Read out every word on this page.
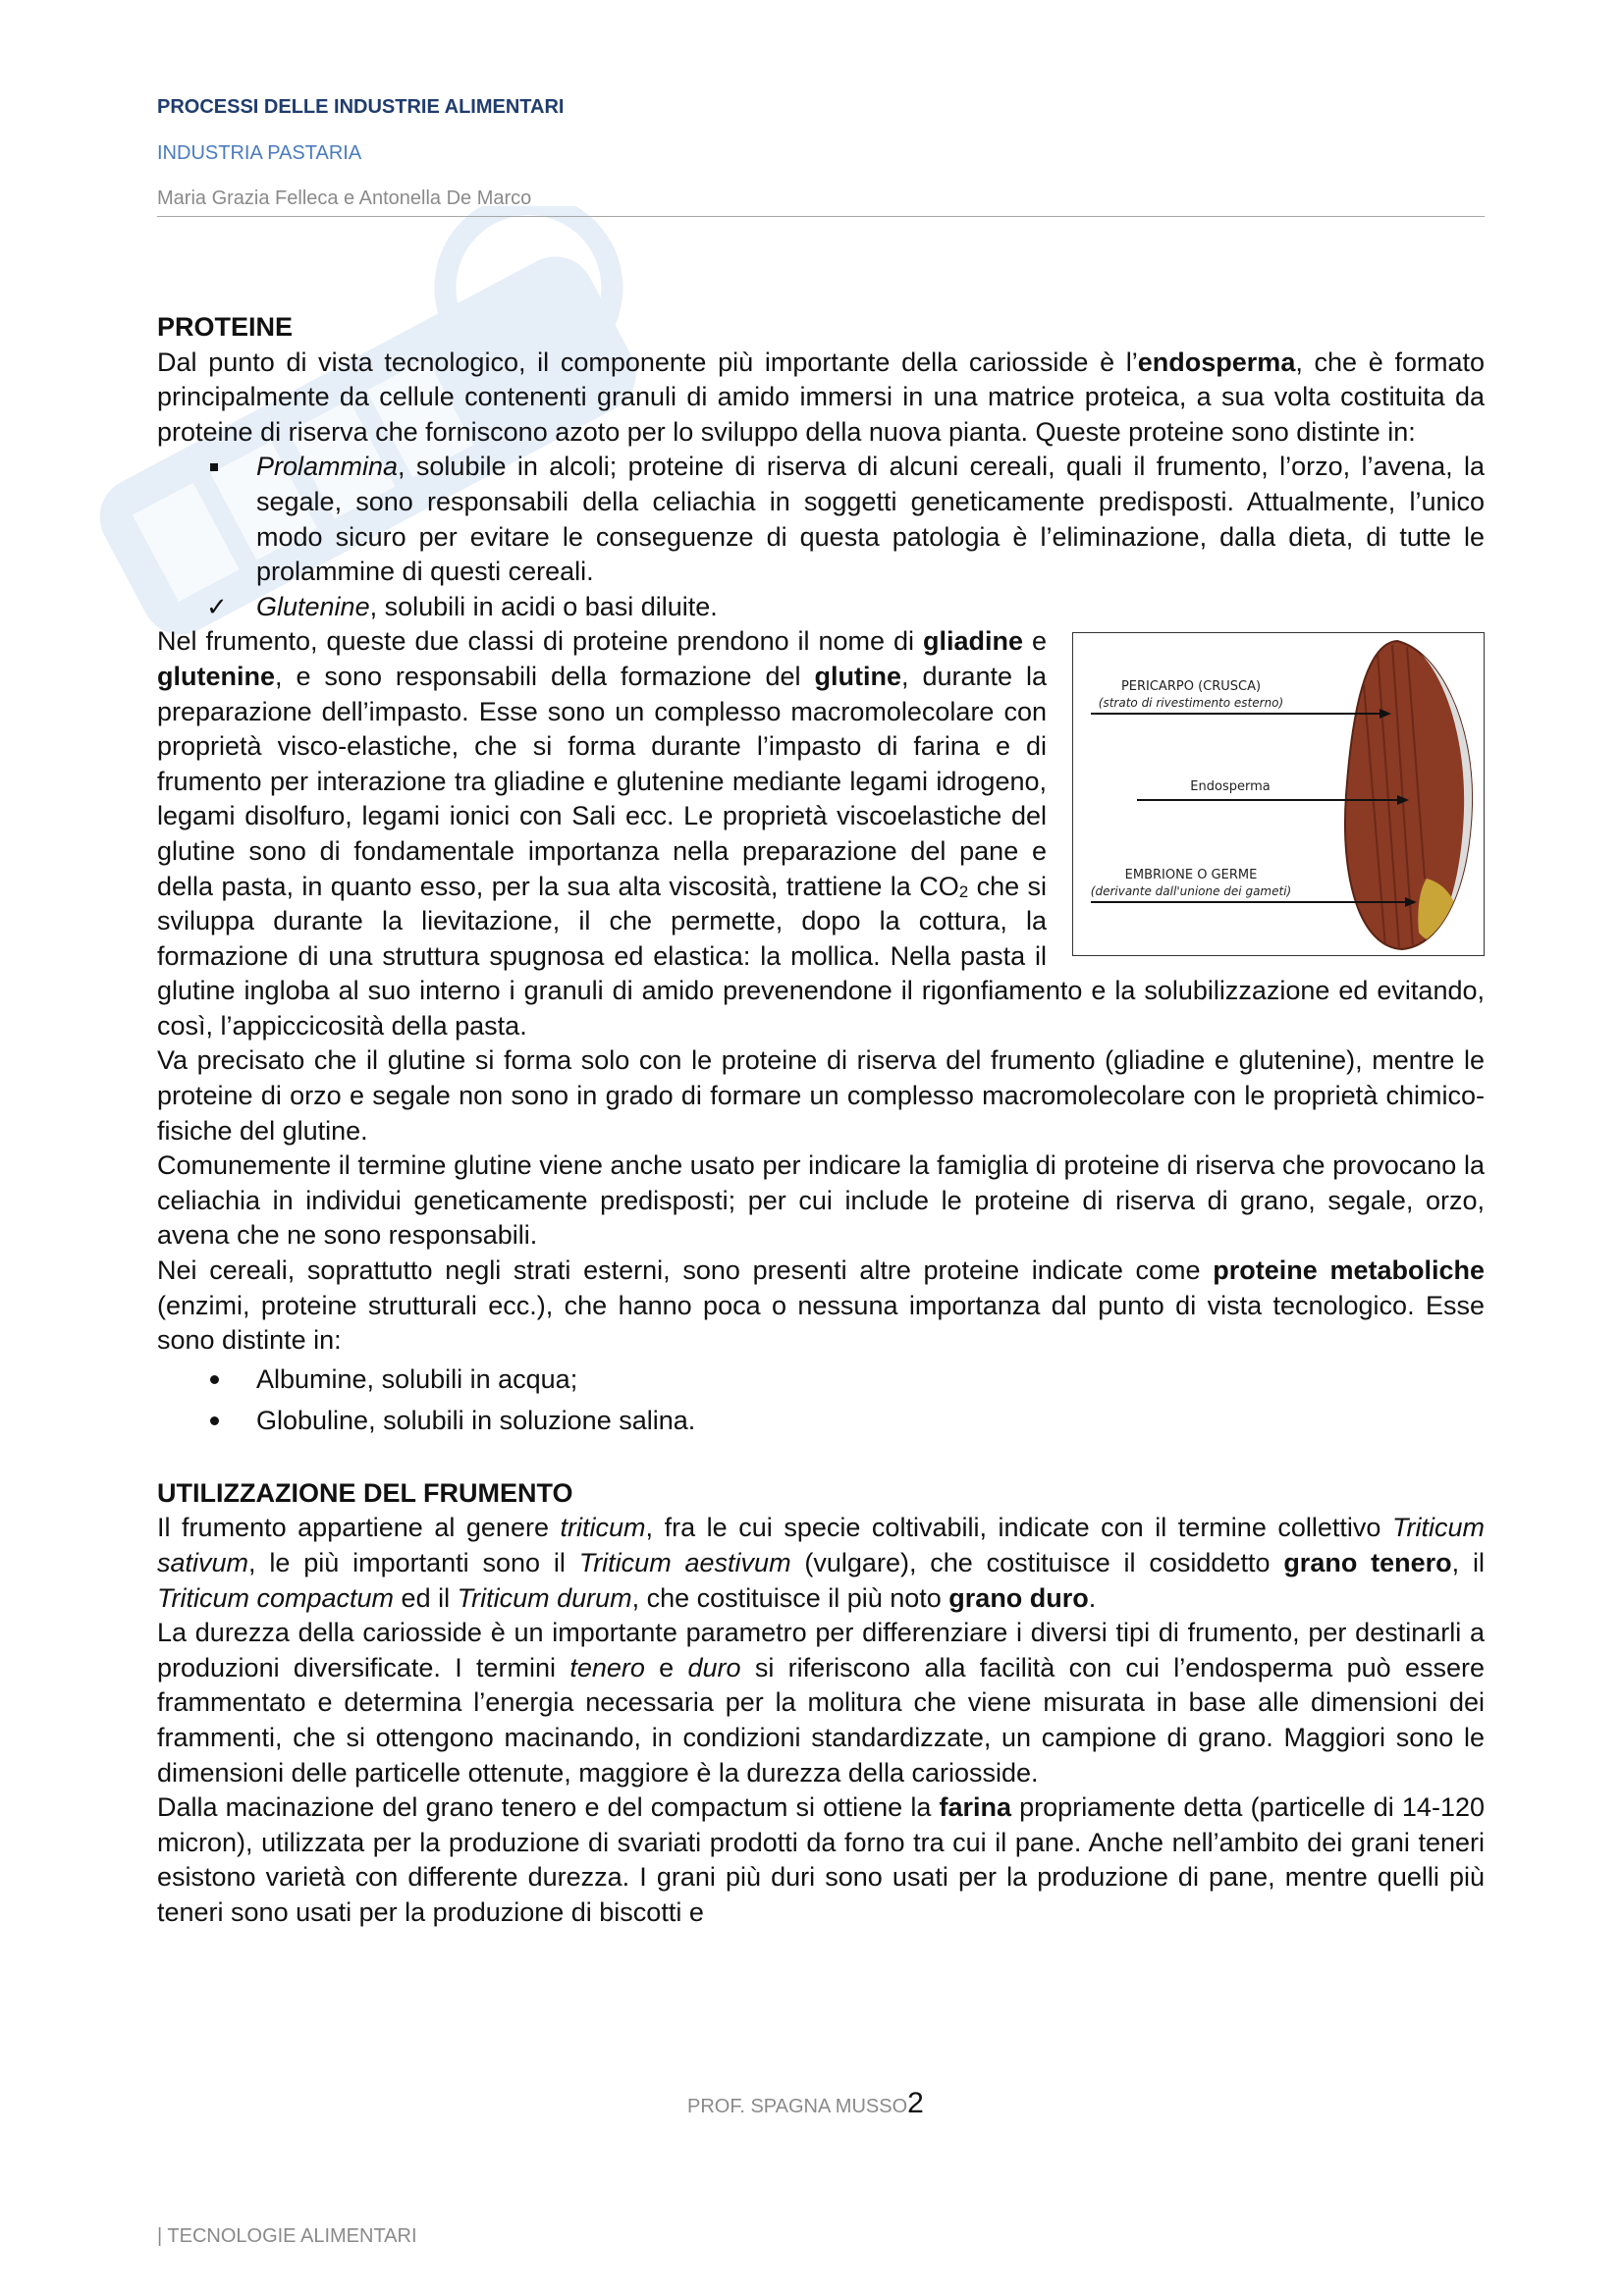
PROCESSI DELLE INDUSTRIE ALIMENTARI
INDUSTRIA PASTARIA
Maria Grazia Felleca e Antonella De Marco
PROTEINE

Dal punto di vista tecnologico, il componente più importante della cariosside è l’endosperma, che è formato principalmente da cellule contenenti granuli di amido immersi in una matrice proteica, a sua volta costituita da proteine di riserva che forniscono azoto per lo sviluppo della nuova pianta. Queste proteine sono distinte in:

Prolammina, solubile in alcoli; proteine di riserva di alcuni cereali, quali il frumento, l’orzo, l’avena, la segale, sono responsabili della celiachia in soggetti geneticamente predisposti. Attualmente, l’unico modo sicuro per evitare le conseguenze di questa patologia è l’eliminazione, dalla dieta, di tutte le prolammine di questi cereali.
✓ Glutenine, solubili in acidi o basi diluite.

PERICARPO (CRUSCA)
(strato di rivestimento esterno)
Endosperma
EMBRIONE O GERME
(derivante dall'unione dei gameti)
Nel frumento, queste due classi di proteine prendono il nome di gliadine e glutenine, e sono responsabili della formazione del glutine, durante la preparazione dell’impasto. Esse sono un complesso macromolecolare con proprietà visco-elastiche, che si forma durante l’impasto di farina e di frumento per interazione tra gliadine e glutenine mediante legami idrogeno, legami disolfuro, legami ionici con Sali ecc. Le proprietà viscoelastiche del glutine sono di fondamentale importanza nella preparazione del pane e della pasta, in quanto esso, per la sua alta viscosità, trattiene la $CO_2$ che si sviluppa durante la lievitazione, il che permette, dopo la cottura, la formazione di una struttura spugnosa ed elastica: la mollica. Nella pasta il glutine ingloba al suo interno i granuli di amido prevenendone il rigonfiamento e la solubilizzazione ed evitando, così, l’appiccicosità della pasta.

Va precisato che il glutine si forma solo con le proteine di riserva del frumento (gliadine e glutenine), mentre le proteine di orzo e segale non sono in grado di formare un complesso macromolecolare con le proprietà chimico-fisiche del glutine.

Comunemente il termine glutine viene anche usato per indicare la famiglia di proteine di riserva che provocano la celiachia in individui geneticamente predisposti; per cui include le proteine di riserva di grano, segale, orzo, avena che ne sono responsabili.

Nei cereali, soprattutto negli strati esterni, sono presenti altre proteine indicate come proteine metaboliche (enzimi, proteine strutturali ecc.), che hanno poca o nessuna importanza dal punto di vista tecnologico. Esse sono distinte in:

Albumine, solubili in acqua;
Globuline, solubili in soluzione salina.
UTILIZZAZIONE DEL FRUMENTO

Il frumento appartiene al genere triticum, fra le cui specie coltivabili, indicate con il termine collettivo Triticum sativum, le più importanti sono il Triticum aestivum (vulgare), che costituisce il cosiddetto grano tenero, il Triticum compactum ed il Triticum durum, che costituisce il più noto grano duro.

La durezza della cariosside è un importante parametro per differenziare i diversi tipi di frumento, per destinarli a produzioni diversificate. I termini tenero e duro si riferiscono alla facilità con cui l’endosperma può essere frammentato e determina l’energia necessaria per la molitura che viene misurata in base alle dimensioni dei frammenti, che si ottengono macinando, in condizioni standardizzate, un campione di grano. Maggiori sono le dimensioni delle particelle ottenute, maggiore è la durezza della cariosside.

Dalla macinazione del grano tenero e del compactum si ottiene la farina propriamente detta (particelle di 14-120 micron), utilizzata per la produzione di svariati prodotti da forno tra cui il pane. Anche nell’ambito dei grani teneri esistono varietà con differente durezza. I grani più duri sono usati per la produzione di pane, mentre quelli più teneri sono usati per la produzione di biscotti e

PROF. SPAGNA MUSSO2
| TECNOLOGIE ALIMENTARI
